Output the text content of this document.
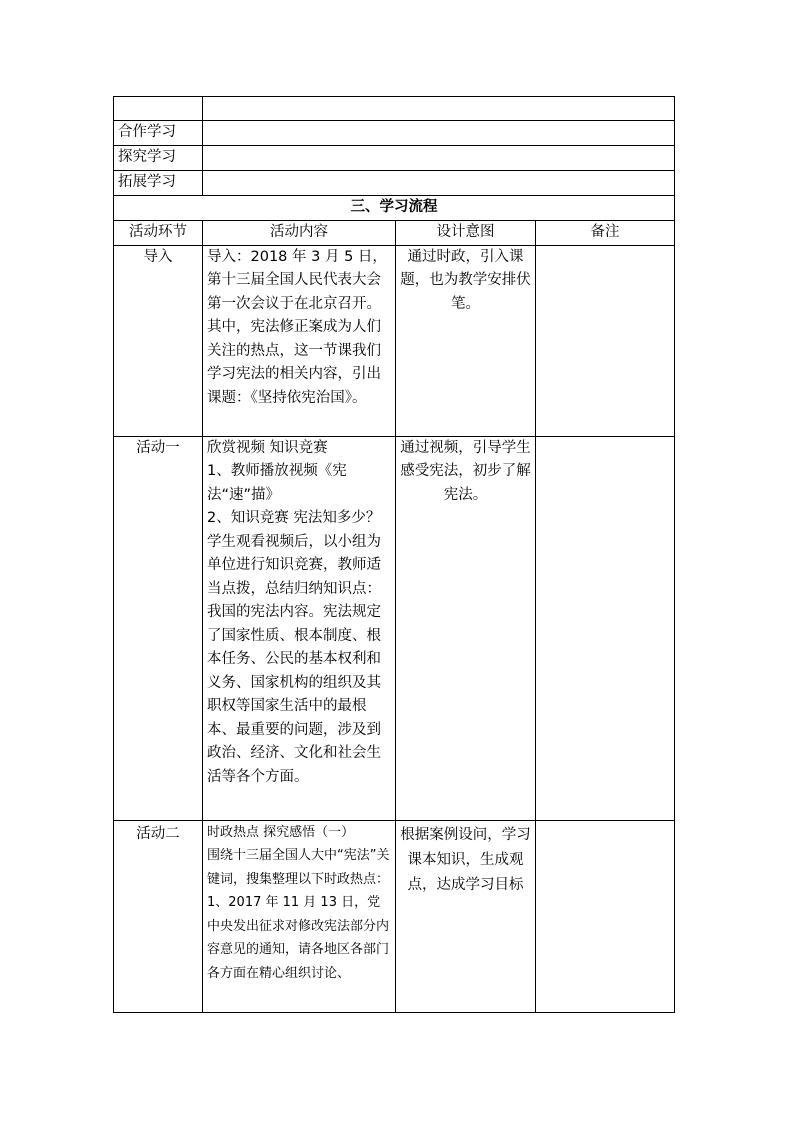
合作学习			
探究学习			
拓展学习			
三、学习流程			
活动环节	活动内容	设计意图	备注
导入	导入：2018 年 3 月 5 日，第十三届全国人民代表大会第一次会议于在北京召开。其中，宪法修正案成为人们关注的热点，这一节课我们学习宪法的相关内容，引出课题：《坚持依宪治国》。	通过时政，引入课题，也为教学安排伏笔。	
活动一	欣赏视频 知识竞赛
1、教师播放视频《宪法“速”描》
2、知识竞赛 宪法知多少？学生观看视频后，以小组为单位进行知识竞赛，教师适当点拨，总结归纳知识点：我国的宪法内容。宪法规定了国家性质、根本制度、根本任务、公民的基本权利和义务、国家机构的组织及其职权等国家生活中的最根本、最重要的问题，涉及到政治、经济、文化和社会生活等各个方面。	通过视频，引导学生感受宪法，初步了解宪法。	
活动二	时政热点 探究感悟（一）
围绕十三届全国人大中“宪法”关键词，搜集整理以下时政热点：
1、2017 年 11 月 13 日，党中央发出征求对修改宪法部分内容意见的通知，请各地区各部门各方面在精心组织讨论、	根据案例设问，学习课本知识，生成观点，达成学习目标	
